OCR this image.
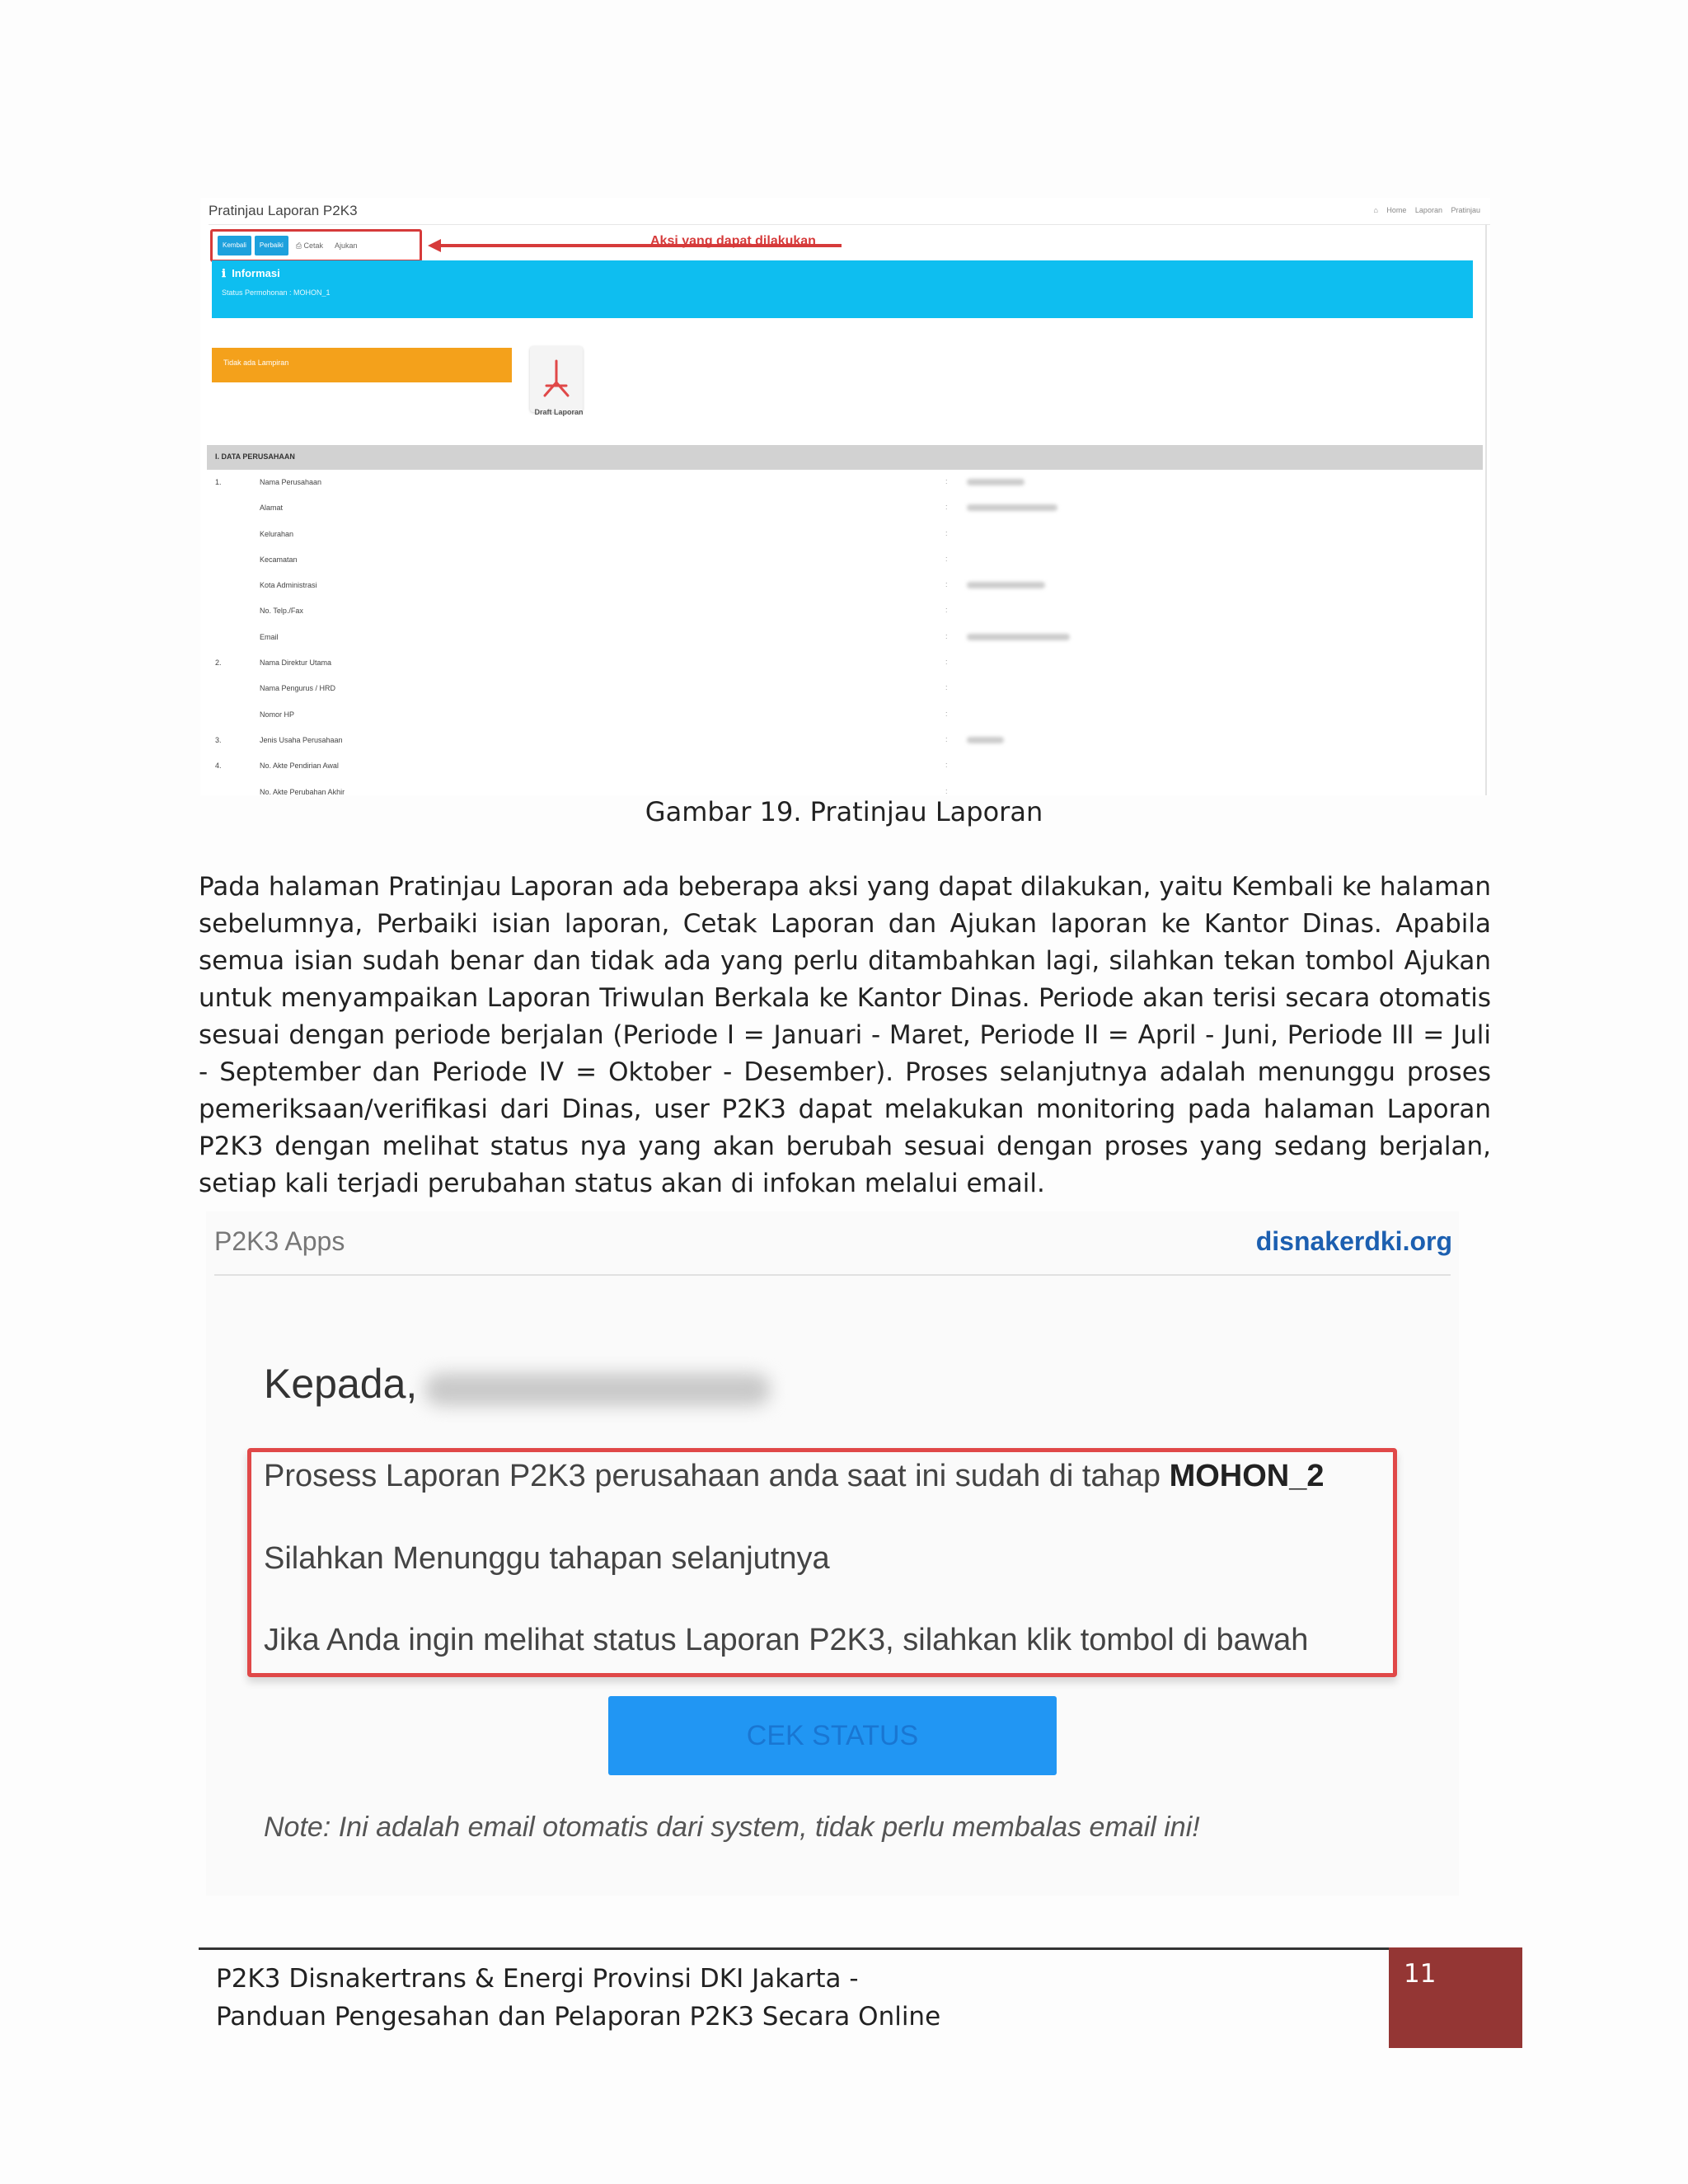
Pratinjau Laporan P2K3	⌂ Home Laporan Pratinjau
Kembali	Perbaiki	⎙ Cetak	Ajukan	Aksi yang dapat dilakukan
ℹ Informasi
Status Permohonan : MOHON_1
Tidak ada Lampiran
Draft Laporan
I. DATA PERUSAHAAN
1.	Nama Perusahaan	:
Alamat	:
Kelurahan	:
Kecamatan	:
Kota Administrasi	:
No. Telp./Fax	:
Email	:
2.	Nama Direktur Utama	:
Nama Pengurus / HRD	:
Nomor HP	:
3.	Jenis Usaha Perusahaan	:
4.	No. Akte Pendirian Awal	:
No. Akte Perubahan Akhir	:
Gambar 19. Pratinjau Laporan
Pada halaman Pratinjau Laporan ada beberapa aksi yang dapat dilakukan, yaitu Kembali ke halaman sebelumnya, Perbaiki isian laporan, Cetak Laporan dan Ajukan laporan ke Kantor Dinas. Apabila semua isian sudah benar dan tidak ada yang perlu ditambahkan lagi, silahkan tekan tombol Ajukan untuk menyampaikan Laporan Triwulan Berkala ke Kantor Dinas. Periode akan terisi secara otomatis sesuai dengan periode berjalan (Periode I = Januari - Maret, Periode II = April - Juni, Periode III = Juli - September dan Periode IV = Oktober - Desember). Proses selanjutnya adalah menunggu proses pemeriksaan/verifikasi dari Dinas, user P2K3 dapat melakukan monitoring pada halaman Laporan P2K3 dengan melihat status nya yang akan berubah sesuai dengan proses yang sedang berjalan, setiap kali terjadi perubahan status akan di infokan melalui email.
P2K3 Apps	disnakerdki.org
Kepada,
Prosess Laporan P2K3 perusahaan anda saat ini sudah di tahap MOHON_2
Silahkan Menunggu tahapan selanjutnya
Jika Anda ingin melihat status Laporan P2K3, silahkan klik tombol di bawah
CEK STATUS
Note: Ini adalah email otomatis dari system, tidak perlu membalas email ini!
P2K3 Disnakertrans & Energi Provinsi DKI Jakarta -
Panduan Pengesahan dan Pelaporan P2K3 Secara Online
11
